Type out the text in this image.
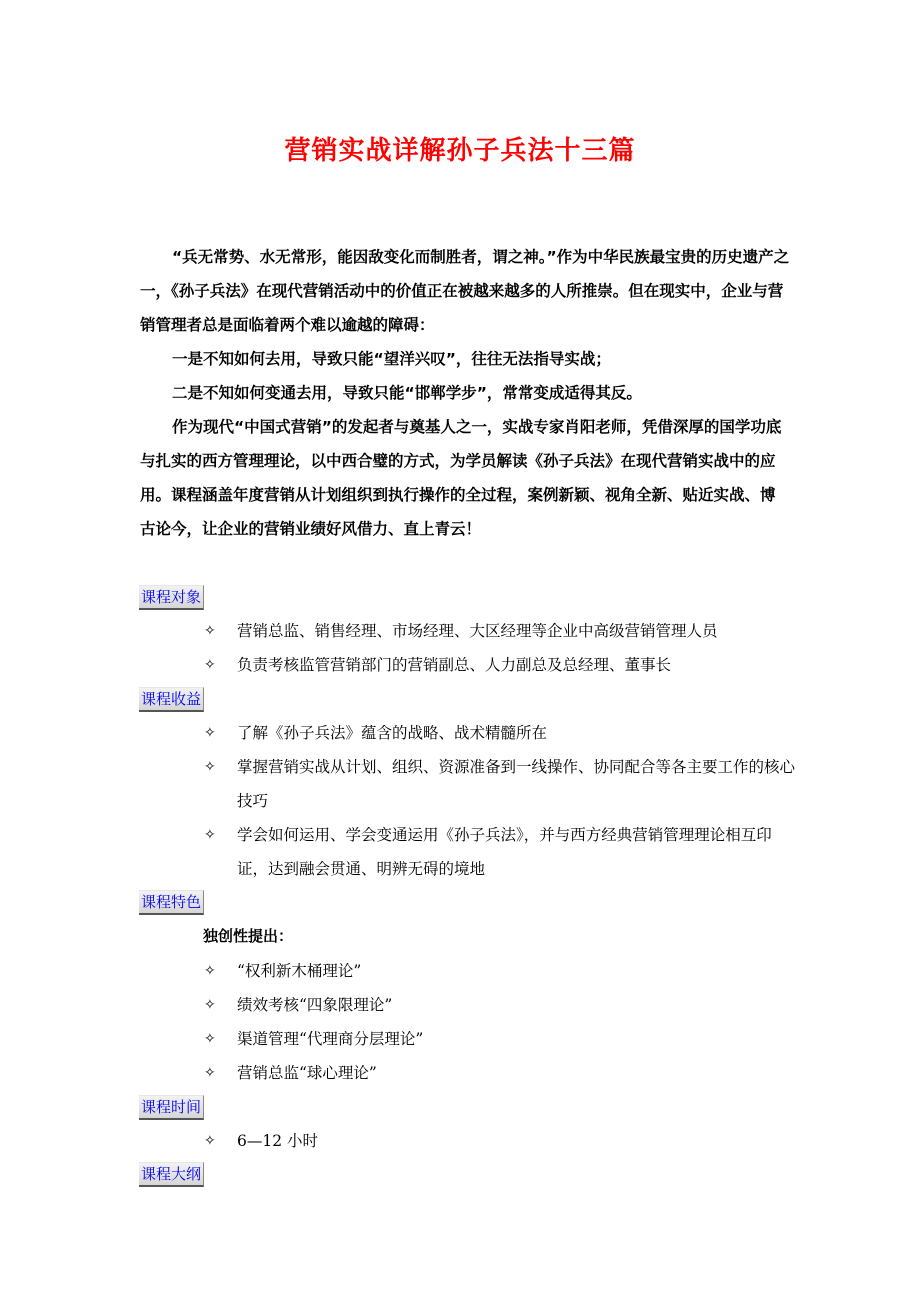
营销实战详解孙子兵法十三篇

“兵无常势、水无常形，能因敌变化而制胜者，谓之神。”作为中华民族最宝贵的历史遗产之一，《孙子兵法》在现代营销活动中的价值正在被越来越多的人所推崇。但在现实中，企业与营销管理者总是面临着两个难以逾越的障碍：

一是不知如何去用，导致只能“望洋兴叹”，往往无法指导实战；

二是不知如何变通去用，导致只能“邯郸学步”，常常变成适得其反。

作为现代“中国式营销”的发起者与奠基人之一，实战专家肖阳老师，凭借深厚的国学功底与扎实的西方管理理论，以中西合璧的方式，为学员解读《孙子兵法》在现代营销实战中的应用。课程涵盖年度营销从计划组织到执行操作的全过程，案例新颖、视角全新、贴近实战、博古论今，让企业的营销业绩好风借力、直上青云！

课程对象
✧ 营销总监、销售经理、市场经理、大区经理等企业中高级营销管理人员
✧ 负责考核监管营销部门的营销副总、人力副总及总经理、董事长
课程收益
✧ 了解《孙子兵法》蕴含的战略、战术精髓所在
✧ 掌握营销实战从计划、组织、资源准备到一线操作、协同配合等各主要工作的核心技巧
✧ 学会如何运用、学会变通运用《孙子兵法》，并与西方经典营销管理理论相互印证，达到融会贯通、明辨无碍的境地
课程特色
独创性提出：
✧ “权利新木桶理论”
✧ 绩效考核“四象限理论”
✧ 渠道管理“代理商分层理论”
✧ 营销总监“球心理论”
课程时间
✧ 6—12 小时
课程大纲
